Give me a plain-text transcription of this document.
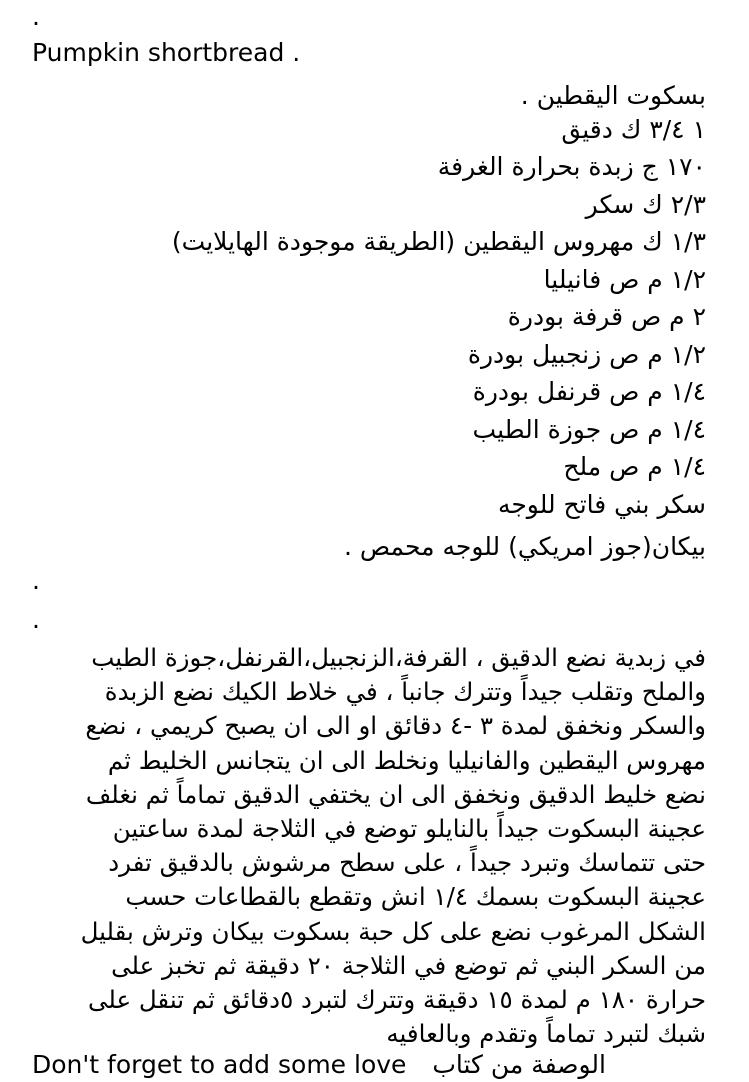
.
Pumpkin shortbread .
بسكوت اليقطين .
١ ٣/٤ ك دقيق
١٧٠ ج زبدة بحرارة الغرفة
٢/٣ ك سكر
١/٣ ك مهروس اليقطين (الطريقة موجودة الهايلايت)
١/٢ م ص فانيليا
٢ م ص قرفة بودرة
١/٢ م ص زنجبيل بودرة
١/٤ م ص قرنفل بودرة
١/٤ م ص جوزة الطيب
١/٤ م ص ملح
سكر بني فاتح للوجه
بيكان(جوز امريكي) للوجه محمص .
.
.
في زبدية نضع الدقيق ، القرفة،الزنجبيل،القرنفل،جوزة الطيب
والملح وتقلب جيداً وتترك جانباً ، في خلاط الكيك نضع الزبدة
والسكر ونخفق لمدة ٣ -٤ دقائق او الى ان يصبح كريمي ، نضع
مهروس اليقطين والفانيليا ونخلط الى ان يتجانس الخليط ثم
نضع خليط الدقيق ونخفق الى ان يختفي الدقيق تماماً ثم نغلف
عجينة البسكوت جيداً بالنايلو توضع في الثلاجة لمدة ساعتين
حتى تتماسك وتبرد جيداً ، على سطح مرشوش بالدقيق تفرد
عجينة البسكوت بسمك ١/٤ انش وتقطع بالقطاعات حسب
الشكل المرغوب نضع على كل حبة بسكوت بيكان وترش بقليل
من السكر البني ثم توضع في الثلاجة ٢٠ دقيقة ثم تخبز على
حرارة ١٨٠ م لمدة ١٥ دقيقة وتترك لتبرد ٥دقائق ثم تنقل على
شبك لتبرد تماماً وتقدم وبالعافيه
Don't forget to add some love الوصفة من كتاب
